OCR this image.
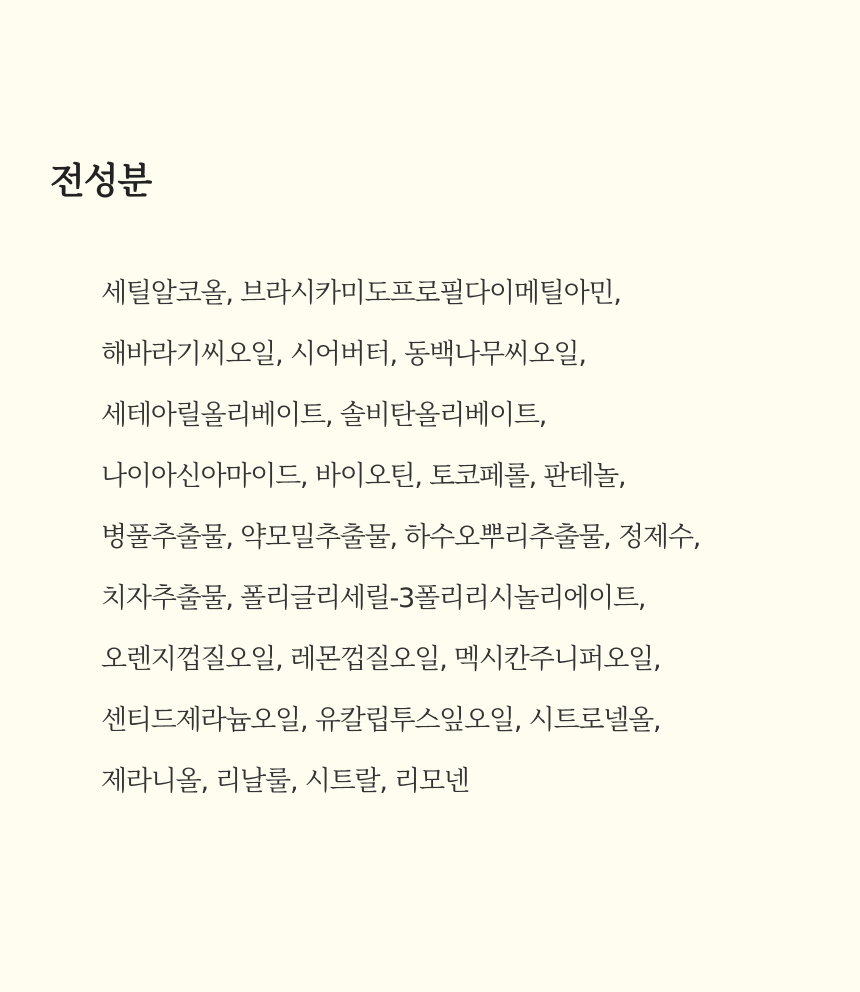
전성분
세틸알코올, 브라시카미도프로필다이메틸아민,
해바라기씨오일, 시어버터, 동백나무씨오일,
세테아릴올리베이트, 솔비탄올리베이트,
나이아신아마이드, 바이오틴, 토코페롤, 판테놀,
병풀추출물, 약모밀추출물, 하수오뿌리추출물, 정제수,
치자추출물, 폴리글리세릴-3폴리리시놀리에이트,
오렌지껍질오일, 레몬껍질오일, 멕시칸주니퍼오일,
센티드제라늄오일, 유칼립투스잎오일, 시트로넬올,
제라니올, 리날룰, 시트랄, 리모넨
